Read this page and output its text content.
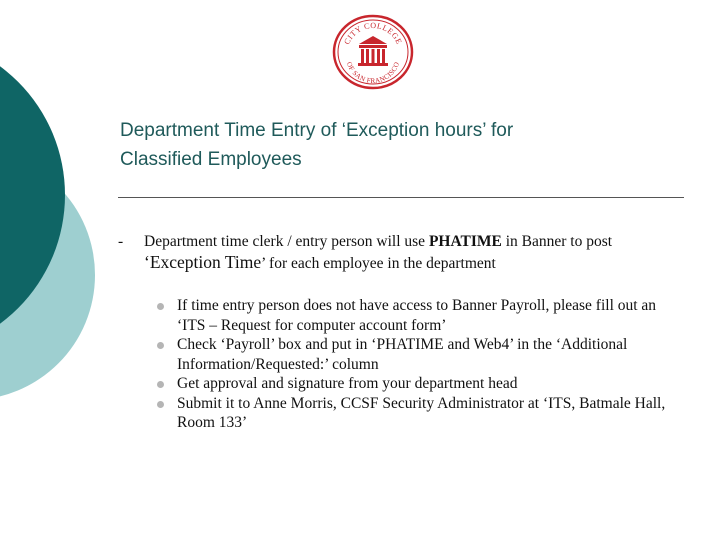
CITY COLLEGE
OF SAN FRANCISCO
Department Time Entry of ‘Exception hours’ for
Classified Employees
- Department time clerk / entry person will use PHATIME in Banner to post ‘Exception Time’ for each employee in the department
If time entry person does not have access to Banner Payroll, please fill out an ‘ITS – Request for computer account form’
Check ‘Payroll’ box and put in ‘PHATIME and Web4’ in the ‘Additional Information/Requested:’ column
Get approval and signature from your department head
Submit it to Anne Morris, CCSF Security Administrator at ‘ITS, Batmale Hall, Room 133’
